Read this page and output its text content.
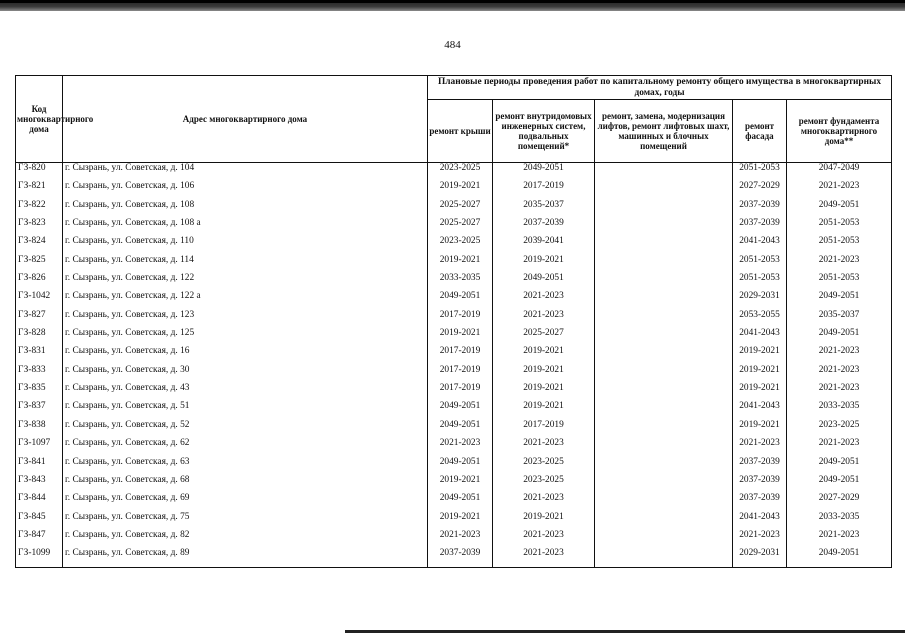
484
Код многоквартирного дома	Адрес многоквартирного дома	Плановые периоды проведения работ по капитальному ремонту общего имущества в многоквартирных домах, годы				
		ремонт крыши	ремонт внутридомовых инженерных систем, подвальных помещений*	ремонт, замена, модернизация лифтов, ремонт лифтовых шахт, машинных и блочных помещений	ремонт фасада	ремонт фундамента многоквартирного дома**
ГЗ-820	г. Сызрань, ул. Советская, д. 104	2023-2025	2049-2051		2051-2053	2047-2049
ГЗ-821	г. Сызрань, ул. Советская, д. 106	2019-2021	2017-2019		2027-2029	2021-2023
ГЗ-822	г. Сызрань, ул. Советская, д. 108	2025-2027	2035-2037		2037-2039	2049-2051
ГЗ-823	г. Сызрань, ул. Советская, д. 108 а	2025-2027	2037-2039		2037-2039	2051-2053
ГЗ-824	г. Сызрань, ул. Советская, д. 110	2023-2025	2039-2041		2041-2043	2051-2053
ГЗ-825	г. Сызрань, ул. Советская, д. 114	2019-2021	2019-2021		2051-2053	2021-2023
ГЗ-826	г. Сызрань, ул. Советская, д. 122	2033-2035	2049-2051		2051-2053	2051-2053
ГЗ-1042	г. Сызрань, ул. Советская, д. 122 а	2049-2051	2021-2023		2029-2031	2049-2051
ГЗ-827	г. Сызрань, ул. Советская, д. 123	2017-2019	2021-2023		2053-2055	2035-2037
ГЗ-828	г. Сызрань, ул. Советская, д. 125	2019-2021	2025-2027		2041-2043	2049-2051
ГЗ-831	г. Сызрань, ул. Советская, д. 16	2017-2019	2019-2021		2019-2021	2021-2023
ГЗ-833	г. Сызрань, ул. Советская, д. 30	2017-2019	2019-2021		2019-2021	2021-2023
ГЗ-835	г. Сызрань, ул. Советская, д. 43	2017-2019	2019-2021		2019-2021	2021-2023
ГЗ-837	г. Сызрань, ул. Советская, д. 51	2049-2051	2019-2021		2041-2043	2033-2035
ГЗ-838	г. Сызрань, ул. Советская, д. 52	2049-2051	2017-2019		2019-2021	2023-2025
ГЗ-1097	г. Сызрань, ул. Советская, д. 62	2021-2023	2021-2023		2021-2023	2021-2023
ГЗ-841	г. Сызрань, ул. Советская, д. 63	2049-2051	2023-2025		2037-2039	2049-2051
ГЗ-843	г. Сызрань, ул. Советская, д. 68	2019-2021	2023-2025		2037-2039	2049-2051
ГЗ-844	г. Сызрань, ул. Советская, д. 69	2049-2051	2021-2023		2037-2039	2027-2029
ГЗ-845	г. Сызрань, ул. Советская, д. 75	2019-2021	2019-2021		2041-2043	2033-2035
ГЗ-847	г. Сызрань, ул. Советская, д. 82	2021-2023	2021-2023		2021-2023	2021-2023
ГЗ-1099	г. Сызрань, ул. Советская, д. 89	2037-2039	2021-2023		2029-2031	2049-2051
